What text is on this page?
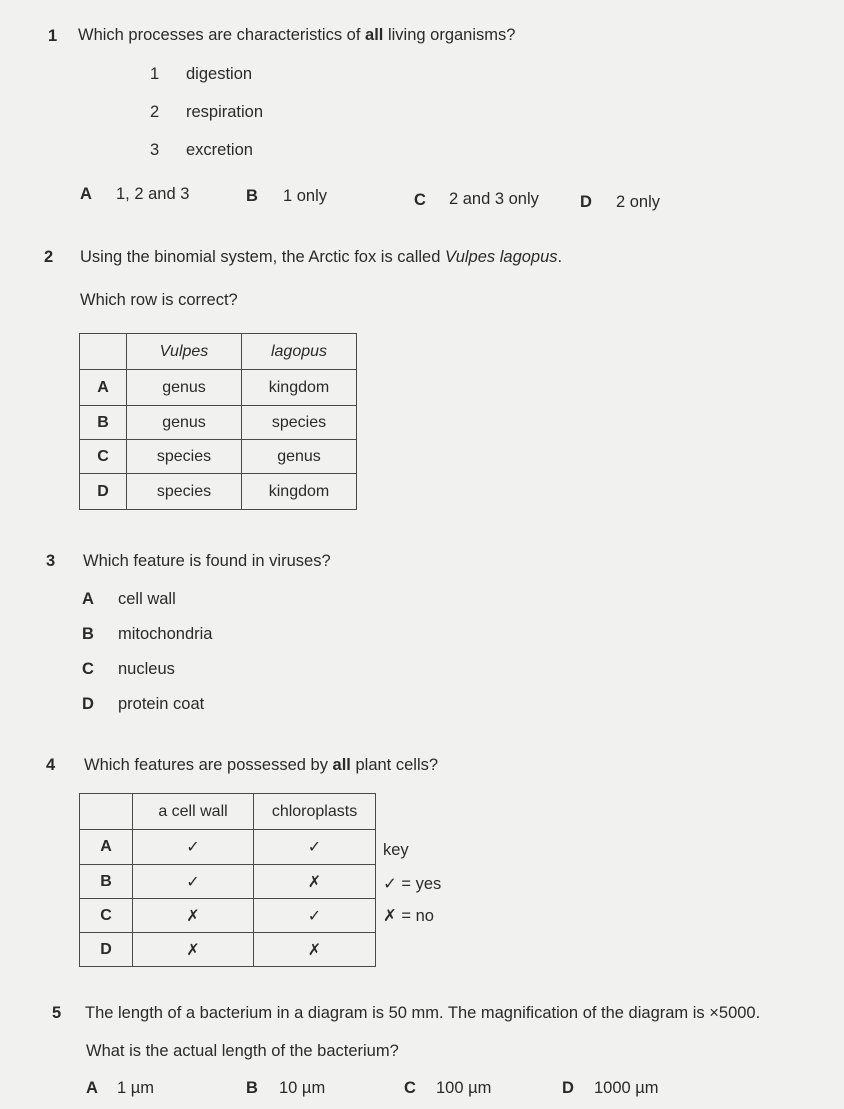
1 Which processes are characteristics of all living organisms?
1 digestion
2 respiration
3 excretion
A 1, 2 and 3	B 1 only	C 2 and 3 only D 2 only
2 Using the binomial system, the Arctic fox is called Vulpes lagopus.
Which row is correct?
	Vulpes	lagopus
A	genus	kingdom
B	genus	species
C	species	genus
D	species	kingdom
3 Which feature is found in viruses?
A cell wall
B mitochondria
C nucleus
D protein coat
4 Which features are possessed by all plant cells?
	a cell wall	chloroplasts
A	✓	✓
B	✓	✗
C	✗	✓
D	✗	✗
key
✓ = yes
✗ = no
5 The length of a bacterium in a diagram is 50 mm. The magnification of the diagram is ×5000.
What is the actual length of the bacterium?
A 1 µm	B 10 µm	C 100 µm	D 1000 µm
